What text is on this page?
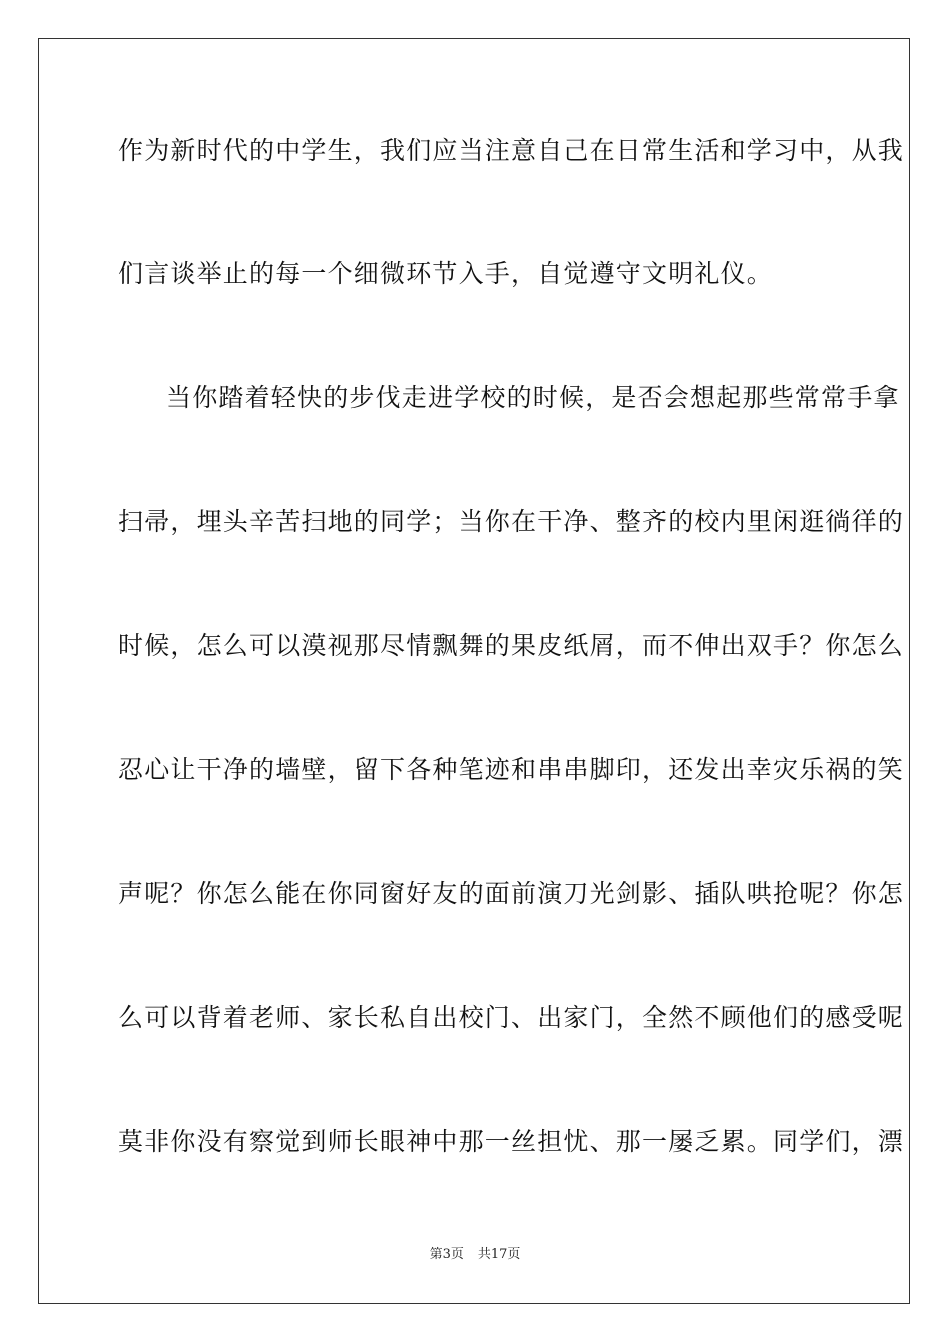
作为新时代的中学生，我们应当注意自己在日常生活和学习中，从我
们言谈举止的每一个细微环节入手，自觉遵守文明礼仪。
当你踏着轻快的步伐走进学校的时候，是否会想起那些常常手拿
扫帚，埋头辛苦扫地的同学；当你在干净、整齐的校内里闲逛徜徉的
时候，怎么可以漠视那尽情飘舞的果皮纸屑，而不伸出双手？你怎么
忍心让干净的墙壁，留下各种笔迹和串串脚印，还发出幸灾乐祸的笑
声呢？你怎么能在你同窗好友的面前演刀光剑影、插队哄抢呢？你怎
么可以背着老师、家长私自出校门、出家门，全然不顾他们的感受呢
莫非你没有察觉到师长眼神中那一丝担忧、那一屡乏累。同学们，漂
第3页 共17页
